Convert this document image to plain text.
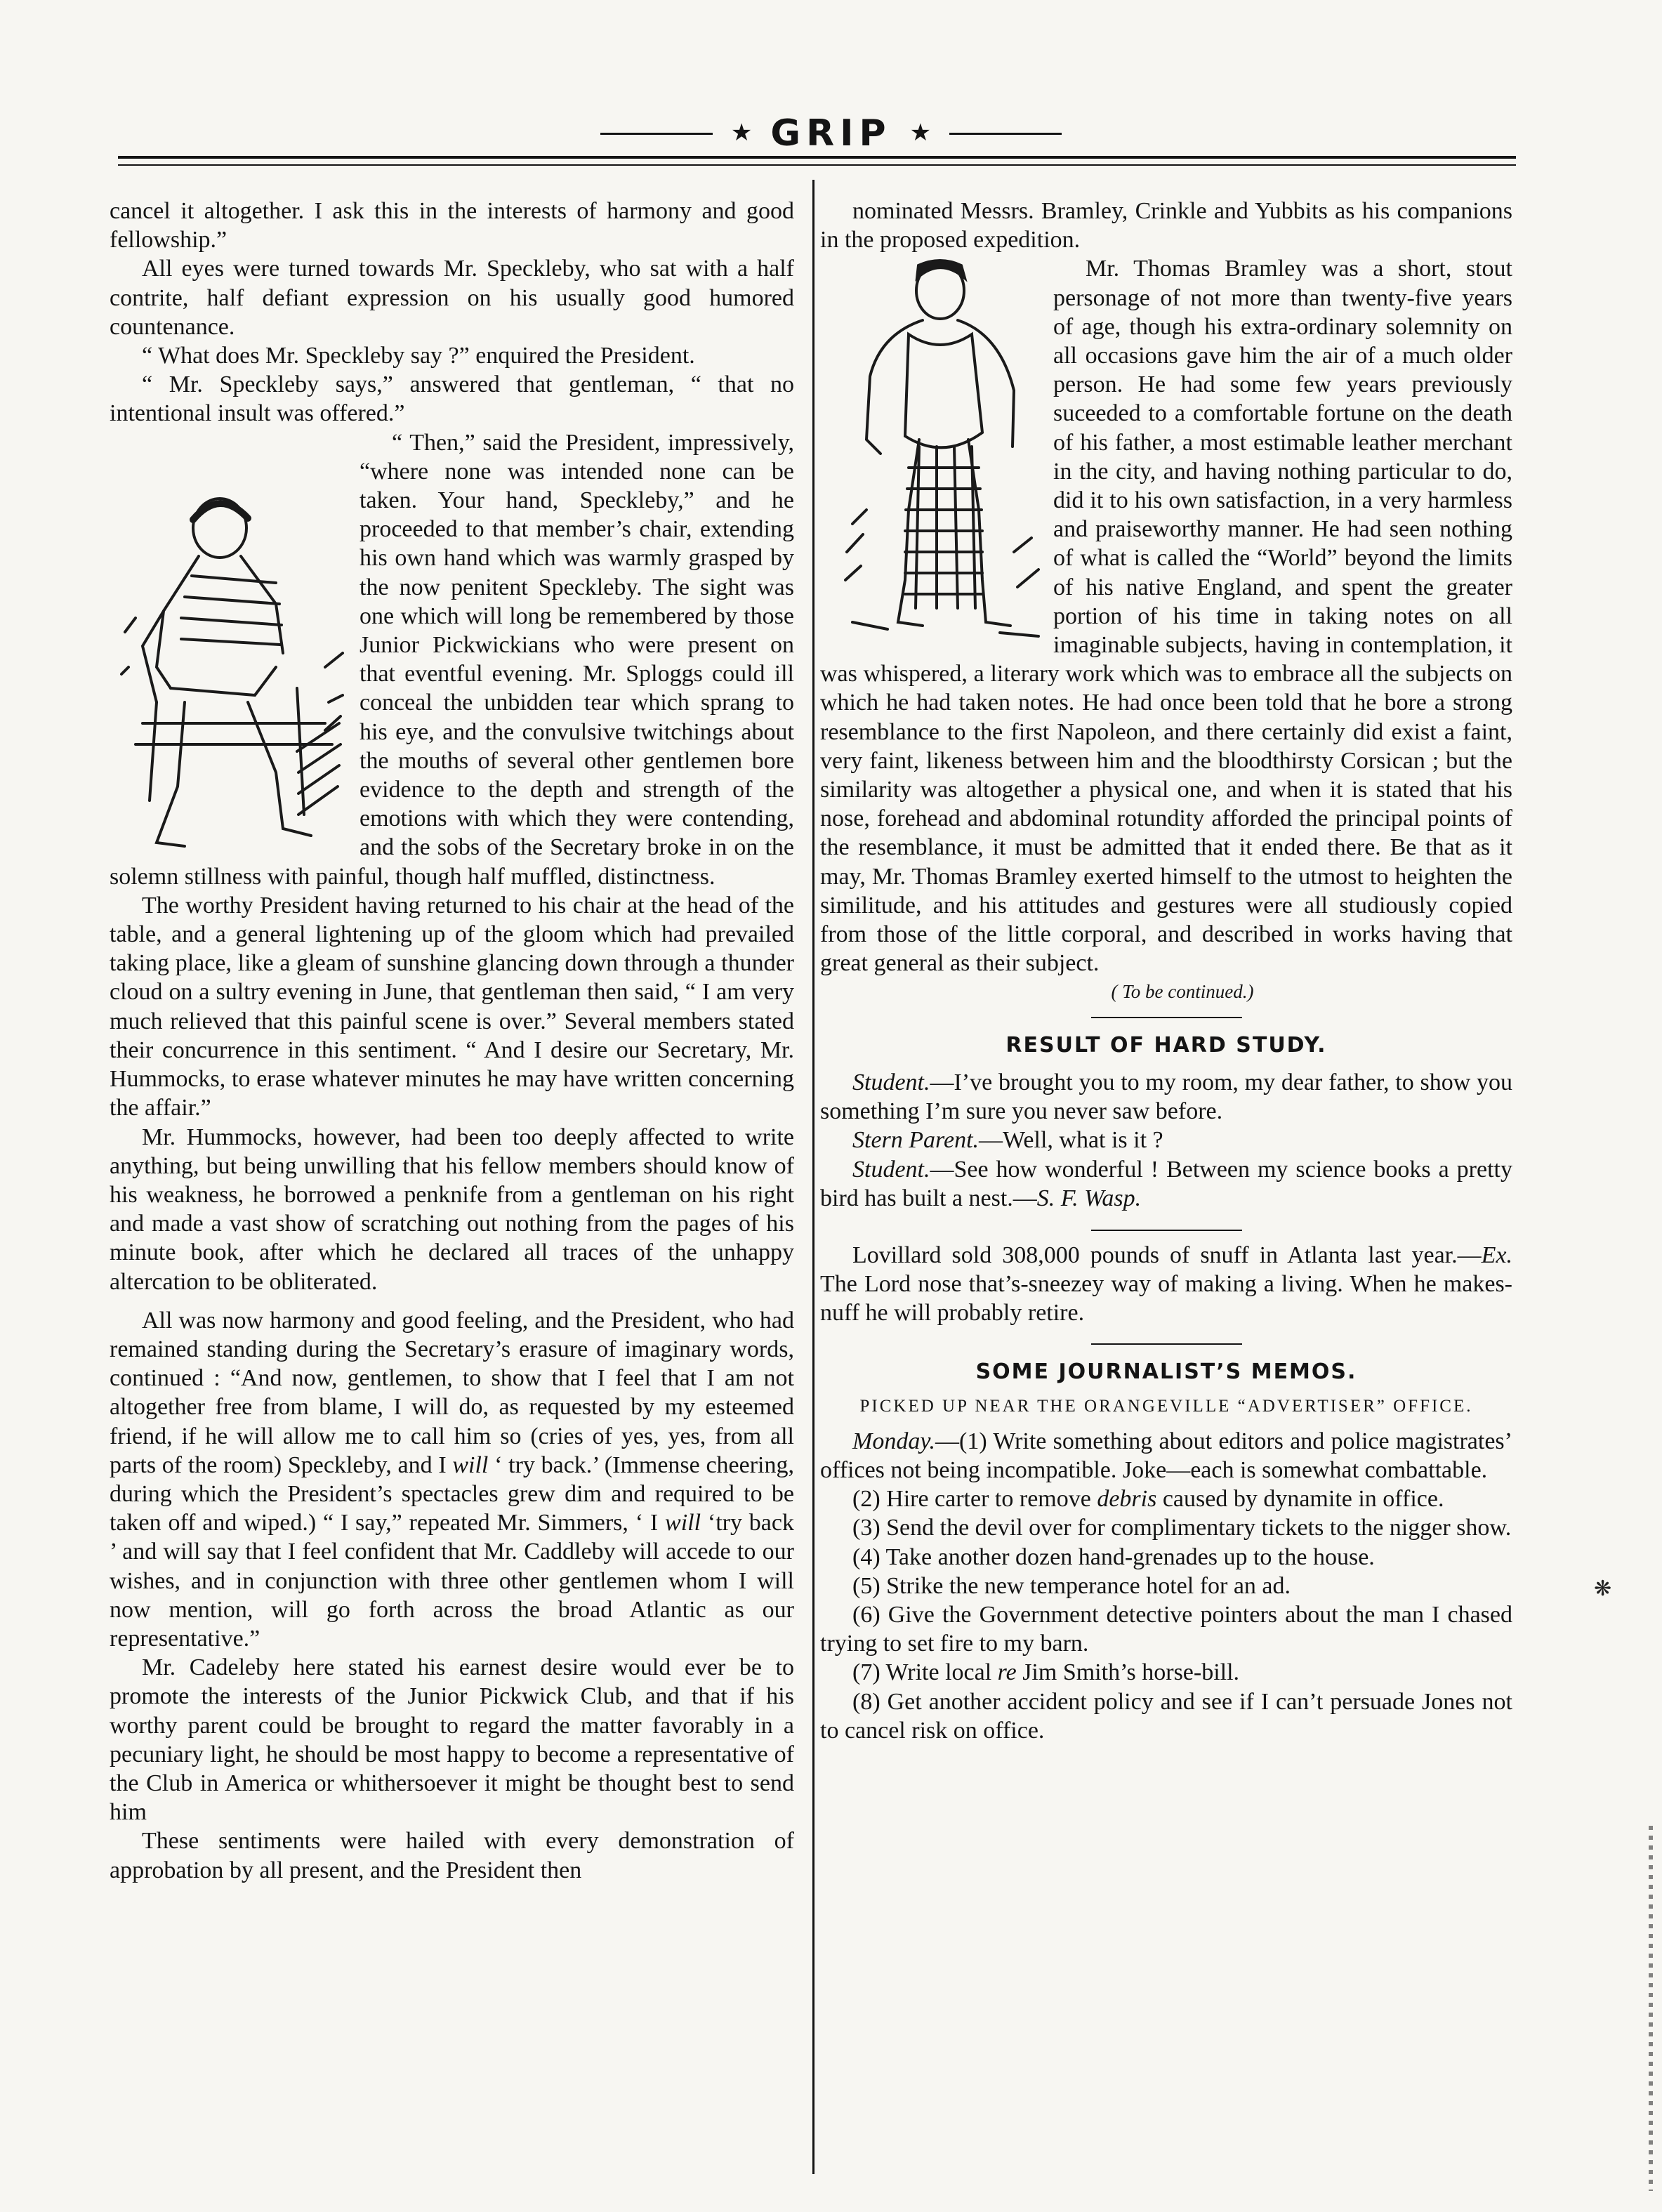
★ GRIP ★

cancel it altogether. I ask this in the interests of harmony and good fellowship.”

All eyes were turned towards Mr. Speckleby, who sat with a half contrite, half defiant expression on his usually good humored countenance.

“ What does Mr. Speckleby say ?” enquired the President.

“ Mr. Speckleby says,” answered that gentleman, “ that no intentional insult was offered.”

“ Then,” said the President, impressively, “where none was intended none can be taken. Your hand, Speckleby,” and he proceeded to that member’s chair, extending his own hand which was warmly grasped by the now penitent Speckleby. The sight was one which will long be remembered by those Junior Pickwickians who were present on that eventful evening. Mr. Sploggs could ill conceal the unbidden tear which sprang to his eye, and the convulsive twitchings about the mouths of several other gentlemen bore evidence to the depth and strength of the emotions with which they were contending, and the sobs of the Secretary broke in on the solemn stillness with painful, though half muffled, distinctness.

The worthy President having returned to his chair at the head of the table, and a general lightening up of the gloom which had prevailed taking place, like a gleam of sunshine glancing down through a thunder cloud on a sultry evening in June, that gentleman then said, “ I am very much relieved that this painful scene is over.” Several members stated their concurrence in this sentiment. “ And I desire our Secretary, Mr. Hummocks, to erase whatever minutes he may have written concerning the affair.”

Mr. Hummocks, however, had been too deeply affected to write anything, but being unwilling that his fellow members should know of his weakness, he borrowed a penknife from a gentleman on his right and made a vast show of scratching out nothing from the pages of his minute book, after which he declared all traces of the unhappy altercation to be obliterated.

All was now harmony and good feeling, and the President, who had remained standing during the Secretary’s erasure of imaginary words, continued : “And now, gentlemen, to show that I feel that I am not altogether free from blame, I will do, as requested by my esteemed friend, if he will allow me to call him so (cries of yes, yes, from all parts of the room) Speckleby, and I will ‘ try back.’ (Immense cheering, during which the President’s spectacles grew dim and required to be taken off and wiped.) “ I say,” repeated Mr. Simmers, ‘ I will ‘try back ’ and will say that I feel confident that Mr. Caddleby will accede to our wishes, and in conjunction with three other gentlemen whom I will now mention, will go forth across the broad Atlantic as our representative.”

Mr. Cadeleby here stated his earnest desire would ever be to promote the interests of the Junior Pickwick Club, and that if his worthy parent could be brought to regard the matter favorably in a pecuniary light, he should be most happy to become a representative of the Club in America or whithersoever it might be thought best to send him

These sentiments were hailed with every demonstration of approbation by all present, and the President then

nominated Messrs. Bramley, Crinkle and Yubbits as his companions in the proposed expedition.

Mr. Thomas Bramley was a short, stout personage of not more than twenty-five years of age, though his extra-ordinary solemnity on all occasions gave him the air of a much older person. He had some few years previously suceeded to a comfortable fortune on the death of his father, a most estimable leather merchant in the city, and having nothing particular to do, did it to his own satisfaction, in a very harmless and praiseworthy manner. He had seen nothing of what is called the “World” beyond the limits of his native England, and spent the greater portion of his time in taking notes on all imaginable subjects, having in contemplation, it was whispered, a literary work which was to embrace all the subjects on which he had taken notes. He had once been told that he bore a strong resemblance to the first Napoleon, and there certainly did exist a faint, very faint, likeness between him and the bloodthirsty Corsican ; but the similarity was altogether a physical one, and when it is stated that his nose, forehead and abdominal rotundity afforded the principal points of the resemblance, it must be admitted that it ended there. Be that as it may, Mr. Thomas Bramley exerted himself to the utmost to heighten the similitude, and his attitudes and gestures were all studiously copied from those of the little corporal, and described in works having that great general as their subject.

( To be continued.)

RESULT OF HARD STUDY.

Student.—I’ve brought you to my room, my dear father, to show you something I’m sure you never saw before.

Stern Parent.—Well, what is it ?

Student.—See how wonderful ! Between my science books a pretty bird has built a nest.—S. F. Wasp.

Lovillard sold 308,000 pounds of snuff in Atlanta last year.—Ex. The Lord nose that’s-sneezey way of making a living. When he makes-nuff he will probably retire.

SOME JOURNALIST’S MEMOS.
PICKED UP NEAR THE ORANGEVILLE “ADVERTISER” OFFICE.

Monday.—(1) Write something about editors and police magistrates’ offices not being incompatible. Joke—each is somewhat combattable.

(2) Hire carter to remove debris caused by dynamite in office.

(3) Send the devil over for complimentary tickets to the nigger show.

(4) Take another dozen hand-grenades up to the house.

(5) Strike the new temperance hotel for an ad.

(6) Give the Government detective pointers about the man I chased trying to set fire to my barn.

(7) Write local re Jim Smith’s horse-bill.

(8) Get another accident policy and see if I can’t persuade Jones not to cancel risk on office.

❋
